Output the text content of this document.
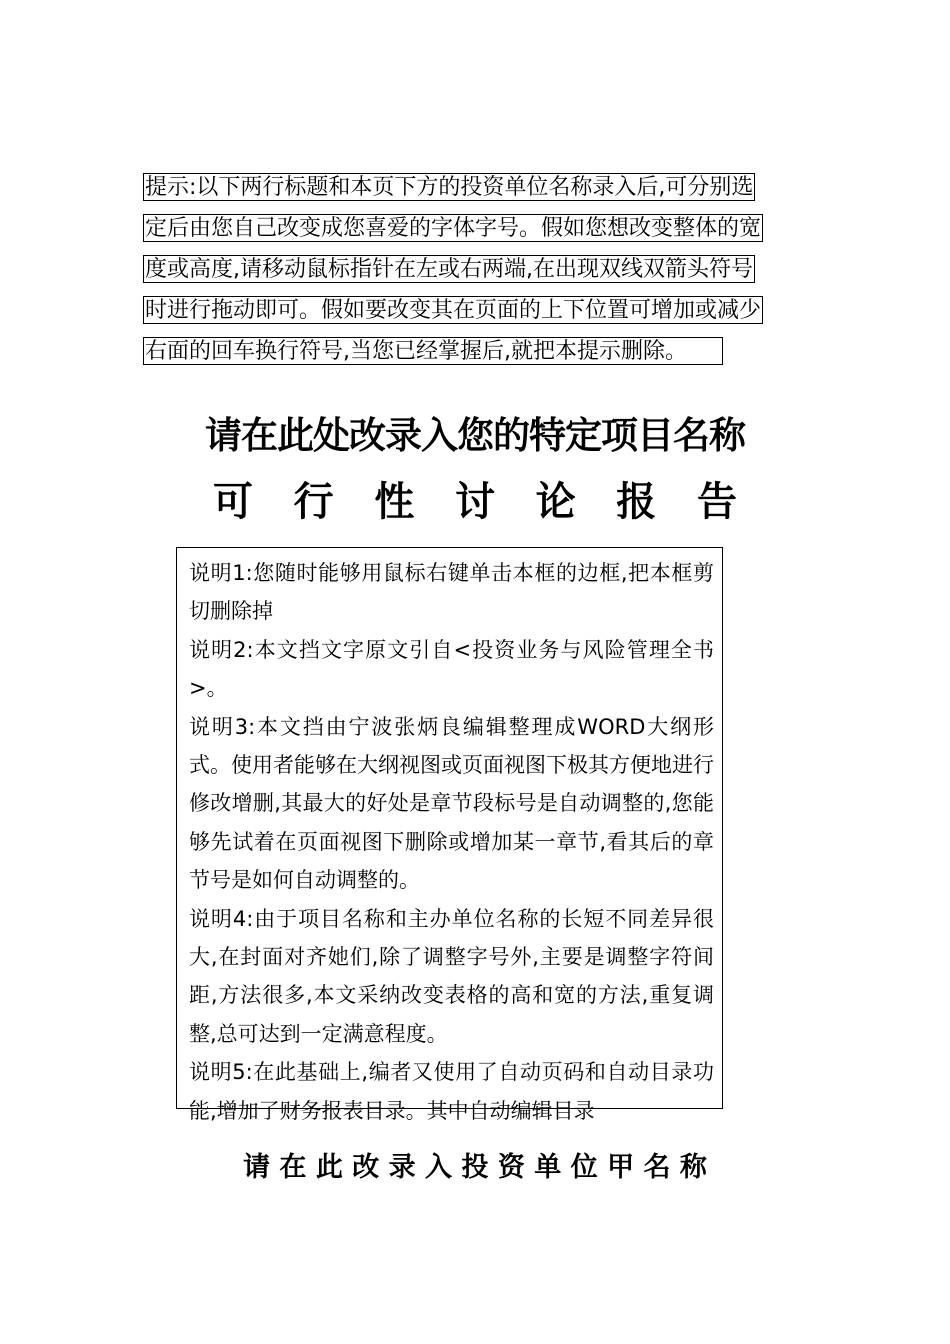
提示:以下两行标题和本页下方的投资单位名称录入后,可分别选
定后由您自己改变成您喜爱的字体字号。假如您想改变整体的宽
度或高度,请移动鼠标指针在左或右两端,在出现双线双箭头符号
时进行拖动即可。假如要改变其在页面的上下位置可增加或减少
右面的回车换行符号,当您已经掌握后,就把本提示删除。
请在此处改录入您的特定项目名称
可 行 性 讨 论 报 告

说明1:您随时能够用鼠标右键单击本框的边框,把本框剪切删除掉

说明2:本文挡文字原文引自<投资业务与风险管理全书>。

说明3:本文挡由宁波张炳良编辑整理成WORD大纲形式。使用者能够在大纲视图或页面视图下极其方便地进行修改增删,其最大的好处是章节段标号是自动调整的,您能够先试着在页面视图下删除或增加某一章节,看其后的章节号是如何自动调整的。

说明4:由于项目名称和主办单位名称的长短不同差异很大,在封面对齐她们,除了调整字号外,主要是调整字符间距,方法很多,本文采纳改变表格的高和宽的方法,重复调整,总可达到一定满意程度。

说明5:在此基础上,编者又使用了自动页码和自动目录功能,增加了财务报表目录。其中自动编辑目录

请 在 此 改 录 入 投 资 单 位 甲 名 称
